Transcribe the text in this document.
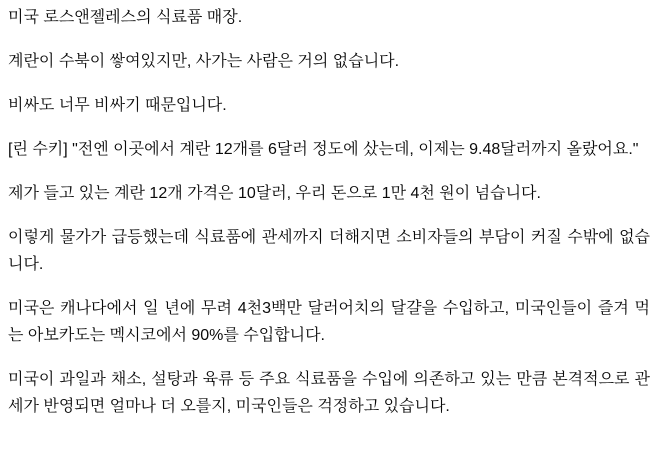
미국 로스앤젤레스의 식료품 매장.

계란이 수북이 쌓여있지만, 사가는 사람은 거의 없습니다.

비싸도 너무 비싸기 때문입니다.

[린 수키] "전엔 이곳에서 계란 12개를 6달러 정도에 샀는데, 이제는 9.48달러까지 올랐어요."

제가 들고 있는 계란 12개 가격은 10달러, 우리 돈으로 1만 4천 원이 넘습니다.

이렇게 물가가 급등했는데 식료품에 관세까지 더해지면 소비자들의 부담이 커질 수밖에 없습니다.

미국은 캐나다에서 일 년에 무려 4천3백만 달러어치의 달걀을 수입하고, 미국인들이 즐겨 먹는 아보카도는 멕시코에서 90%를 수입합니다.

미국이 과일과 채소, 설탕과 육류 등 주요 식료품을 수입에 의존하고 있는 만큼 본격적으로 관세가 반영되면 얼마나 더 오를지, 미국인들은 걱정하고 있습니다.
